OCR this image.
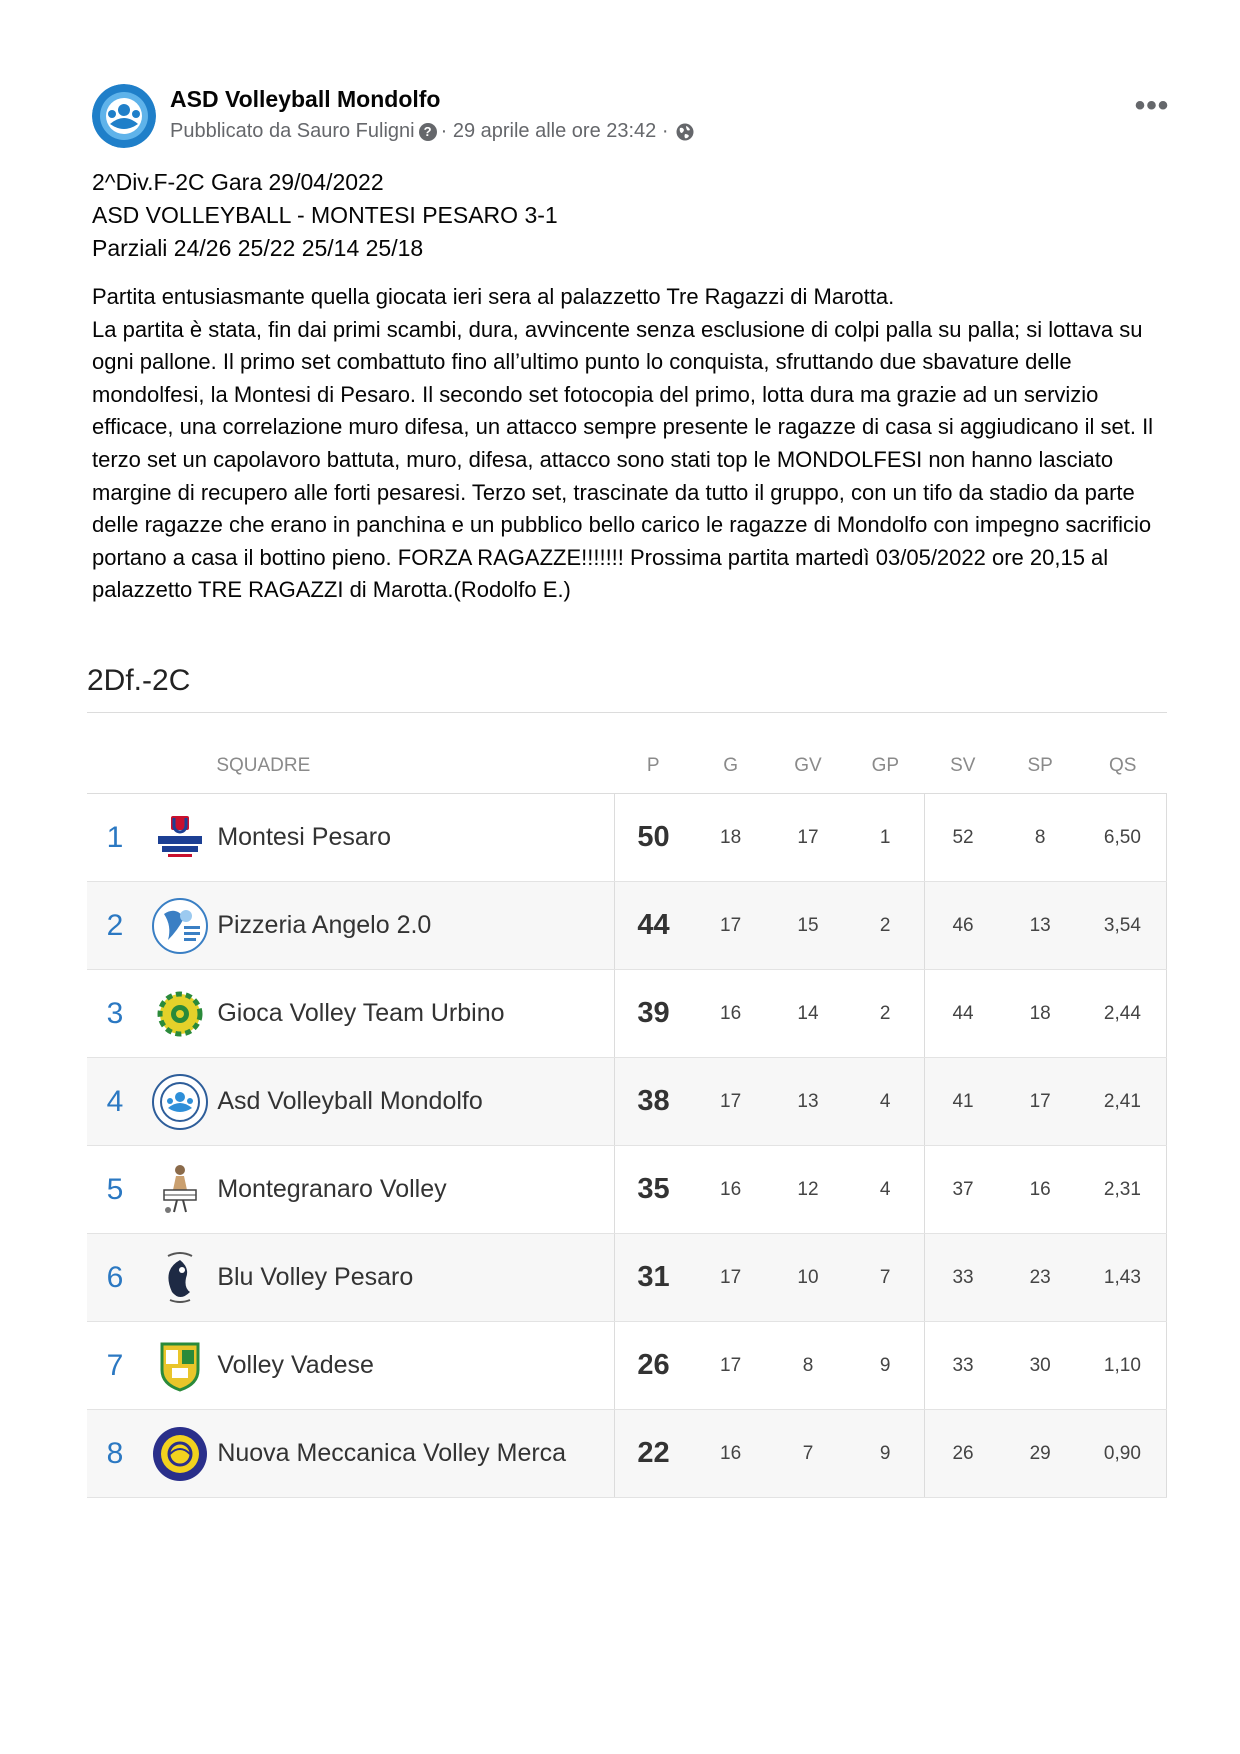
ASD Volleyball Mondolfo
Pubblicato da Sauro Fuligni ? · 29 aprile alle ore 23:42 ·
•••
2^Div.F-2C Gara 29/04/2022
ASD VOLLEYBALL - MONTESI PESARO 3-1
Parziali 24/26 25/22 25/14 25/18
Partita entusiasmante quella giocata ieri sera al palazzetto Tre Ragazzi di Marotta.
La partita è stata, fin dai primi scambi, dura, avvincente senza esclusione di colpi palla su palla; si lottava su ogni pallone. Il primo set combattuto fino all’ultimo punto lo conquista, sfruttando due sbavature delle mondolfesi, la Montesi di Pesaro. Il secondo set fotocopia del primo, lotta dura ma grazie ad un servizio efficace, una correlazione muro difesa, un attacco sempre presente le ragazze di casa si aggiudicano il set. Il terzo set un capolavoro battuta, muro, difesa, attacco sono stati top le MONDOLFESI non hanno lasciato margine di recupero alle forti pesaresi. Terzo set, trascinate da tutto il gruppo, con un tifo da stadio da parte delle ragazze che erano in panchina e un pubblico bello carico le ragazze di Mondolfo con impegno sacrificio portano a casa il bottino pieno. FORZA RAGAZZE!!!!!!! Prossima partita martedì 03/05/2022 ore 20,15 al palazzetto TRE RAGAZZI di Marotta.(Rodolfo E.)
2Df.-2C
		SQUADRE	P	G	GV	GP	SV	SP	QS
1		Montesi Pesaro	50	18	17	1	52	8	6,50
2		Pizzeria Angelo 2.0	44	17	15	2	46	13	3,54
3		Gioca Volley Team Urbino	39	16	14	2	44	18	2,44
4		Asd Volleyball Mondolfo	38	17	13	4	41	17	2,41
5		Montegranaro Volley	35	16	12	4	37	16	2,31
6		Blu Volley Pesaro	31	17	10	7	33	23	1,43
7		Volley Vadese	26	17	8	9	33	30	1,10
8		Nuova Meccanica Volley Merca	22	16	7	9	26	29	0,90
